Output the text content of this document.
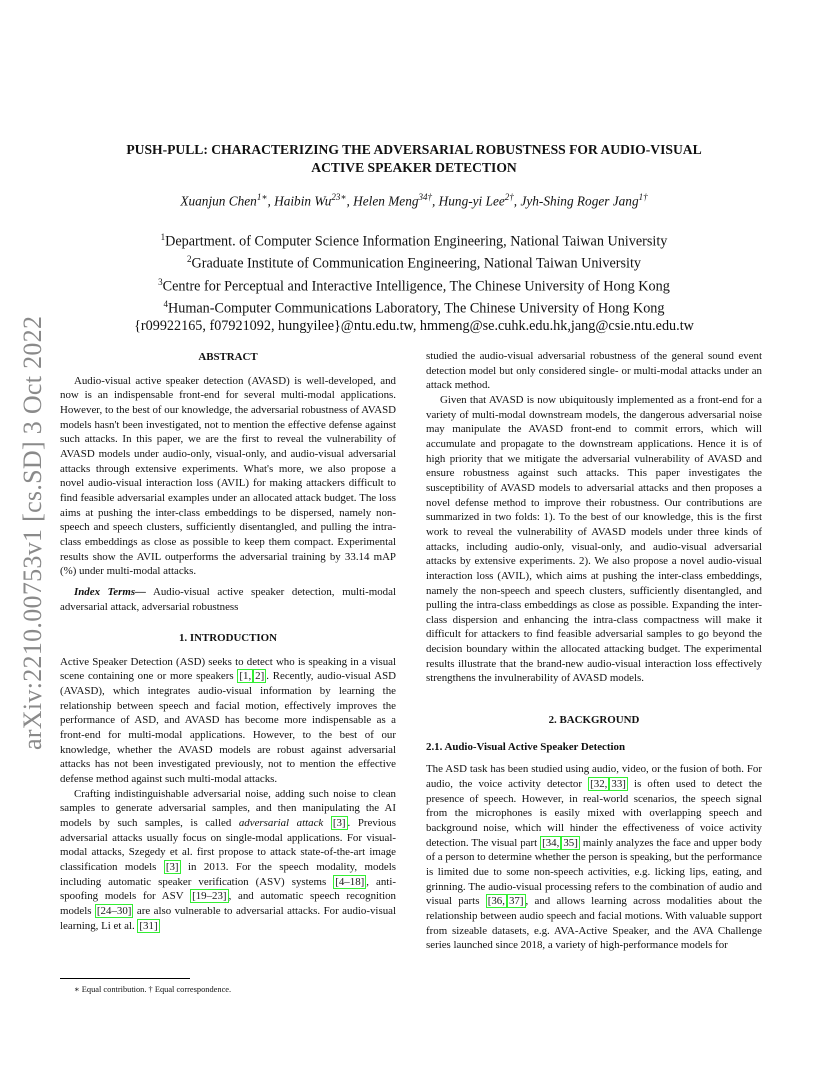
arXiv:2210.00753v1 [cs.SD] 3 Oct 2022
PUSH-PULL: CHARACTERIZING THE ADVERSARIAL ROBUSTNESS FOR AUDIO-VISUAL
ACTIVE SPEAKER DETECTION
Xuanjun Chen$^{1∗}$, Haibin $Wu^{23∗}$, Helen Meng$^{34\dagger}$, Hung-yi Lee$^{2\dagger}$, Jyh-Shing Roger Jang$^{1\dagger}$
$^1$Department. of Computer Science Information Engineering, National Taiwan University
$^2$Graduate Institute of Communication Engineering, National Taiwan University
$^3$Centre for Perceptual and Interactive Intelligence, The Chinese University of Hong Kong
$^4$Human-Computer Communications Laboratory, The Chinese University of Hong Kong
{r09922165, f07921092, hungyilee}@ntu.edu.tw, hmmeng@se.cuhk.edu.hk,jang@csie.ntu.edu.tw

ABSTRACT

Audio-visual active speaker detection (AVASD) is well-developed, and now is an indispensable front-end for several multi-modal applications. However, to the best of our knowledge, the adversarial robustness of AVASD models hasn't been investigated, not to mention the effective defense against such attacks. In this paper, we are the first to reveal the vulnerability of AVASD models under audio-only, visual-only, and audio-visual adversarial attacks through extensive experiments. What's more, we also propose a novel audio-visual interaction loss (AVIL) for making attackers difficult to find feasible adversarial examples under an allocated attack budget. The loss aims at pushing the inter-class embeddings to be dispersed, namely non-speech and speech clusters, sufficiently disentangled, and pulling the intra-class embeddings as close as possible to keep them compact. Experimental results show the AVIL outperforms the adversarial training by 33.14 mAP (%) under multi-modal attacks.

Index Terms— Audio-visual active speaker detection, multi-modal adversarial attack, adversarial robustness

1. INTRODUCTION

Active Speaker Detection (ASD) seeks to detect who is speaking in a visual scene containing one or more speakers [1, 2] . Recently, audio-visual ASD (AVASD), which integrates audio-visual information by learning the relationship between speech and facial motion, effectively improves the performance of ASD, and AVASD has become more indispensable as a front-end for multi-modal applications. However, to the best of our knowledge, whether the AVASD models are robust against adversarial attacks has not been investigated previously, not to mention the effective defense method against such multi-modal attacks.

Crafting indistinguishable adversarial noise, adding such noise to clean samples to generate adversarial samples, and then manipulating the AI models by such samples, is called adversarial attack [3] . Previous adversarial attacks usually focus on single-modal applications. For visual-modal attacks, Szegedy et al. first propose to attack state-of-the-art image classification models [3] in 2013. For the speech modality, models including automatic speaker verification (ASV) systems [4–18] , anti-spoofing models for ASV [19–23] , and automatic speech recognition models [24–30] are also vulnerable to adversarial attacks. For audio-visual learning, Li et al. [31]

studied the audio-visual adversarial robustness of the general sound event detection model but only considered single- or multi-modal attacks under an attack method.

Given that AVASD is now ubiquitously implemented as a front-end for a variety of multi-modal downstream models, the dangerous adversarial noise may manipulate the AVASD front-end to commit errors, which will accumulate and propagate to the downstream applications. Hence it is of high priority that we mitigate the adversarial vulnerability of AVASD and ensure robustness against such attacks. This paper investigates the susceptibility of AVASD models to adversarial attacks and then proposes a novel defense method to improve their robustness. Our contributions are summarized in two folds: 1). To the best of our knowledge, this is the first work to reveal the vulnerability of AVASD models under three kinds of attacks, including audio-only, visual-only, and audio-visual adversarial attacks by extensive experiments. 2). We also propose a novel audio-visual interaction loss (AVIL), which aims at pushing the inter-class embeddings, namely the non-speech and speech clusters, sufficiently disentangled, and pulling the intra-class embeddings as close as possible. Expanding the inter-class dispersion and enhancing the intra-class compactness will make it difficult for attackers to find feasible adversarial samples to go beyond the decision boundary within the allocated attacking budget. The experimental results illustrate that the brand-new audio-visual interaction loss effectively strengthens the invulnerability of AVASD models.

2. BACKGROUND

2.1. Audio-Visual Active Speaker Detection

The ASD task has been studied using audio, video, or the fusion of both. For audio, the voice activity detector [32, 33] is often used to detect the presence of speech. However, in real-world scenarios, the speech signal from the microphones is easily mixed with overlapping speech and background noise, which will hinder the effectiveness of voice activity detection. The visual part [34, 35] mainly analyzes the face and upper body of a person to determine whether the person is speaking, but the performance is limited due to some non-speech activities, e.g. licking lips, eating, and grinning. The audio-visual processing refers to the combination of audio and visual parts [36, 37] , and allows learning across modalities about the relationship between audio speech and facial motions. With valuable support from sizeable datasets, e.g. AVA-Active Speaker, and the AVA Challenge series launched since 2018, a variety of high-performance models for

∗ Equal contribution. † Equal correspondence.
